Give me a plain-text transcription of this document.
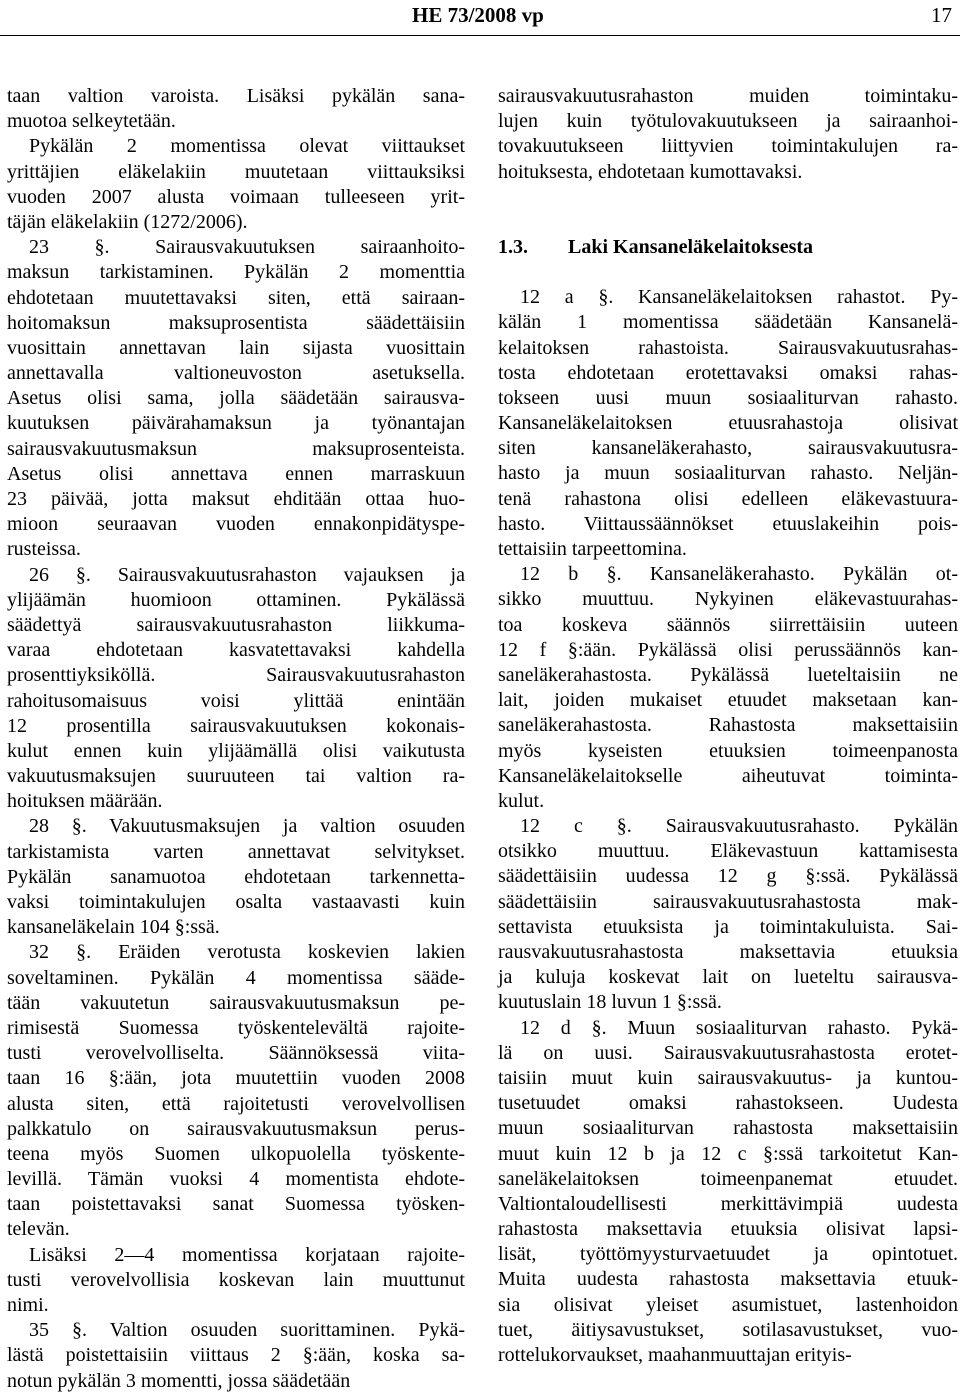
HE 73/2008 vp	17
taan valtion varoista. Lisäksi pykälän sana-
muotoa selkeytetään.
Pykälän 2 momentissa olevat viittaukset
yrittäjien eläkelakiin muutetaan viittauksiksi
vuoden 2007 alusta voimaan tulleeseen yrit-
täjän eläkelakiin (1272/2006).
23 §. Sairausvakuutuksen sairaanhoito-
maksun tarkistaminen. Pykälän 2 momenttia
ehdotetaan muutettavaksi siten, että sairaan-
hoitomaksun maksuprosentista säädettäisiin
vuosittain annettavan lain sijasta vuosittain
annettavalla valtioneuvoston asetuksella.
Asetus olisi sama, jolla säädetään sairausva-
kuutuksen päivärahamaksun ja työnantajan
sairausvakuutusmaksun maksuprosenteista.
Asetus olisi annettava ennen marraskuun
23 päivää, jotta maksut ehditään ottaa huo-
mioon seuraavan vuoden ennakonpidätyspe-
rusteissa.
26 §. Sairausvakuutusrahaston vajauksen ja
ylijäämän huomioon ottaminen. Pykälässä
säädettyä sairausvakuutusrahaston liikkuma-
varaa ehdotetaan kasvatettavaksi kahdella
prosenttiyksiköllä. Sairausvakuutusrahaston
rahoitusomaisuus voisi ylittää enintään
12 prosentilla sairausvakuutuksen kokonais-
kulut ennen kuin ylijäämällä olisi vaikutusta
vakuutusmaksujen suuruuteen tai valtion ra-
hoituksen määrään.
28 §. Vakuutusmaksujen ja valtion osuuden
tarkistamista varten annettavat selvitykset.
Pykälän sanamuotoa ehdotetaan tarkennetta-
vaksi toimintakulujen osalta vastaavasti kuin
kansaneläkelain 104 §:ssä.
32 §. Eräiden verotusta koskevien lakien
soveltaminen. Pykälän 4 momentissa sääde-
tään vakuutetun sairausvakuutusmaksun pe-
rimisestä Suomessa työskentelevältä rajoite-
tusti verovelvolliselta. Säännöksessä viita-
taan 16 §:ään, jota muutettiin vuoden 2008
alusta siten, että rajoitetusti verovelvollisen
palkkatulo on sairausvakuutusmaksun perus-
teena myös Suomen ulkopuolella työskente-
levillä. Tämän vuoksi 4 momentista ehdote-
taan poistettavaksi sanat Suomessa työsken-
televän.
Lisäksi 2—4 momentissa korjataan rajoite-
tusti verovelvollisia koskevan lain muuttunut
nimi.
35 §. Valtion osuuden suorittaminen. Pykä-
lästä poistettaisiin viittaus 2 §:ään, koska sa-
notun pykälän 3 momentti, jossa säädetään
sairausvakuutusrahaston muiden toimintaku-
lujen kuin työtulovakuutukseen ja sairaanhoi-
tovakuutukseen liittyvien toimintakulujen ra-
hoituksesta, ehdotetaan kumottavaksi.
1.3. Laki Kansaneläkelaitoksesta
12 a §. Kansaneläkelaitoksen rahastot. Py-
kälän 1 momentissa säädetään Kansanelä-
kelaitoksen rahastoista. Sairausvakuutusrahas-
tosta ehdotetaan erotettavaksi omaksi rahas-
tokseen uusi muun sosiaaliturvan rahasto.
Kansaneläkelaitoksen etuusrahastoja olisivat
siten kansaneläkerahasto, sairausvakuutusra-
hasto ja muun sosiaaliturvan rahasto. Neljän-
tenä rahastona olisi edelleen eläkevastuura-
hasto. Viittaussäännökset etuuslakeihin pois-
tettaisiin tarpeettomina.
12 b §. Kansaneläkerahasto. Pykälän ot-
sikko muuttuu. Nykyinen eläkevastuurahas-
toa koskeva säännös siirrettäisiin uuteen
12 f §:ään. Pykälässä olisi perussäännös kan-
saneläkerahastosta. Pykälässä lueteltaisiin ne
lait, joiden mukaiset etuudet maksetaan kan-
saneläkerahastosta. Rahastosta maksettaisiin
myös kyseisten etuuksien toimeenpanosta
Kansaneläkelaitokselle aiheutuvat toiminta-
kulut.
12 c §. Sairausvakuutusrahasto. Pykälän
otsikko muuttuu. Eläkevastuun kattamisesta
säädettäisiin uudessa 12 g §:ssä. Pykälässä
säädettäisiin sairausvakuutusrahastosta mak-
settavista etuuksista ja toimintakuluista. Sai-
rausvakuutusrahastosta maksettavia etuuksia
ja kuluja koskevat lait on lueteltu sairausva-
kuutuslain 18 luvun 1 §:ssä.
12 d §. Muun sosiaaliturvan rahasto. Pykä-
lä on uusi. Sairausvakuutusrahastosta erotet-
taisiin muut kuin sairausvakuutus- ja kuntou-
tusetuudet omaksi rahastokseen. Uudesta
muun sosiaaliturvan rahastosta maksettaisiin
muut kuin 12 b ja 12 c §:ssä tarkoitetut Kan-
saneläkelaitoksen toimeenpanemat etuudet.
Valtiontaloudellisesti merkittävimpiä uudesta
rahastosta maksettavia etuuksia olisivat lapsi-
lisät, työttömyysturvaetuudet ja opintotuet.
Muita uudesta rahastosta maksettavia etuuk-
sia olisivat yleiset asumistuet, lastenhoidon
tuet, äitiysavustukset, sotilasavustukset, vuo-
rottelukorvaukset, maahanmuuttajan erityis-
